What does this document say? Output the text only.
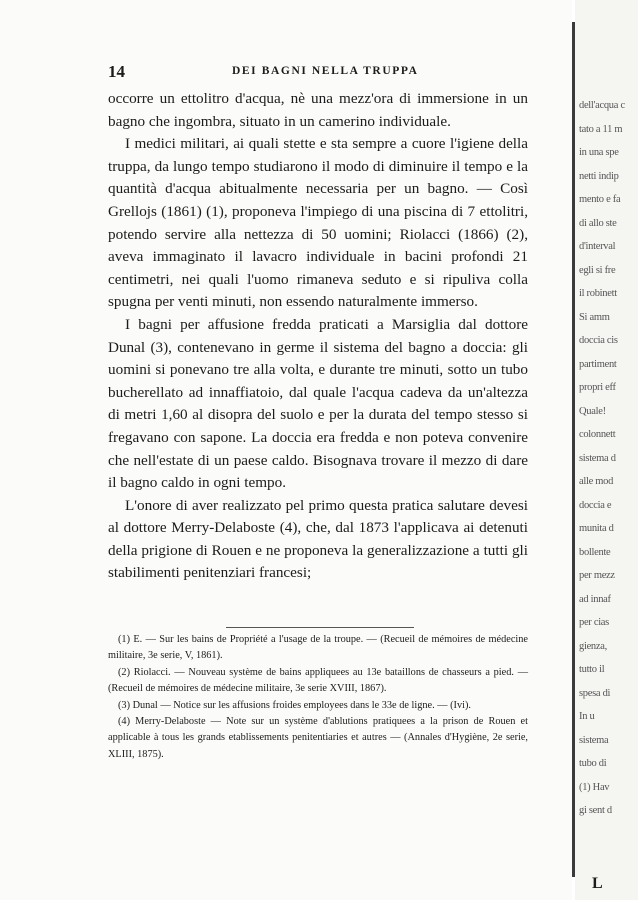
14	DEI BAGNI NELLA TRUPPA

occorre un ettolitro d'acqua, nè una mezz'ora di immersione in un bagno che ingombra, situato in un camerino individuale.

I medici militari, ai quali stette e sta sempre a cuore l'igiene della truppa, da lungo tempo studiarono il modo di diminuire il tempo e la quantità d'acqua abitualmente necessaria per un bagno. — Così Grellojs (1861) (1), proponeva l'impiego di una piscina di 7 ettolitri, potendo servire alla nettezza di 50 uomini; Riolacci (1866) (2), aveva immaginato il lavacro individuale in bacini profondi 21 centimetri, nei quali l'uomo rimaneva seduto e si ripuliva colla spugna per venti minuti, non essendo naturalmente immerso.

I bagni per affusione fredda praticati a Marsiglia dal dottore Dunal (3), contenevano in germe il sistema del bagno a doccia: gli uomini si ponevano tre alla volta, e durante tre minuti, sotto un tubo bucherellato ad innaffiatoio, dal quale l'acqua cadeva da un'altezza di metri 1,60 al disopra del suolo e per la durata del tempo stesso si fregavano con sapone. La doccia era fredda e non poteva convenire che nell'estate di un paese caldo. Bisognava trovare il mezzo di dare il bagno caldo in ogni tempo.

L'onore di aver realizzato pel primo questa pratica salutare devesi al dottore Merry-Delaboste (4), che, dal 1873 l'applicava ai detenuti della prigione di Rouen e ne proponeva la generalizzazione a tutti gli stabilimenti penitenziari francesi;

(1) E. — Sur les bains de Propriété a l'usage de la troupe. — (Recueil de mémoires de médecine militaire, 3e serie, V, 1861).

(2) Riolacci. — Nouveau système de bains appliquees au 13e bataillons de chasseurs a pied. — (Recueil de mémoires de médecine militaire, 3e serie XVIII, 1867).

(3) Dunal — Notice sur les affusions froides employees dans le 33e de ligne. — (Ivi).

(4) Merry-Delaboste — Note sur un système d'ablutions pratiquees a la prison de Rouen et applicable à tous les grands etablissements penitentiaries et autres — (Annales d'Hygiène, 2e serie, XLIII, 1875).

dell'acqua c
tato a 11 m
in una spe
netti indip
mento e fa
di allo ste
d'interval
egli si fre
il robinett
Si amm
doccia cis
partiment
propri eff
Quale!
colonnett
sistema d
alle mod
doccia e
munita d
bollente
per mezz
ad innaf
per cias
gienza,
tutto il
spesa di
In u
sistema
tubo di
(1) Hav
gi sent d
L
